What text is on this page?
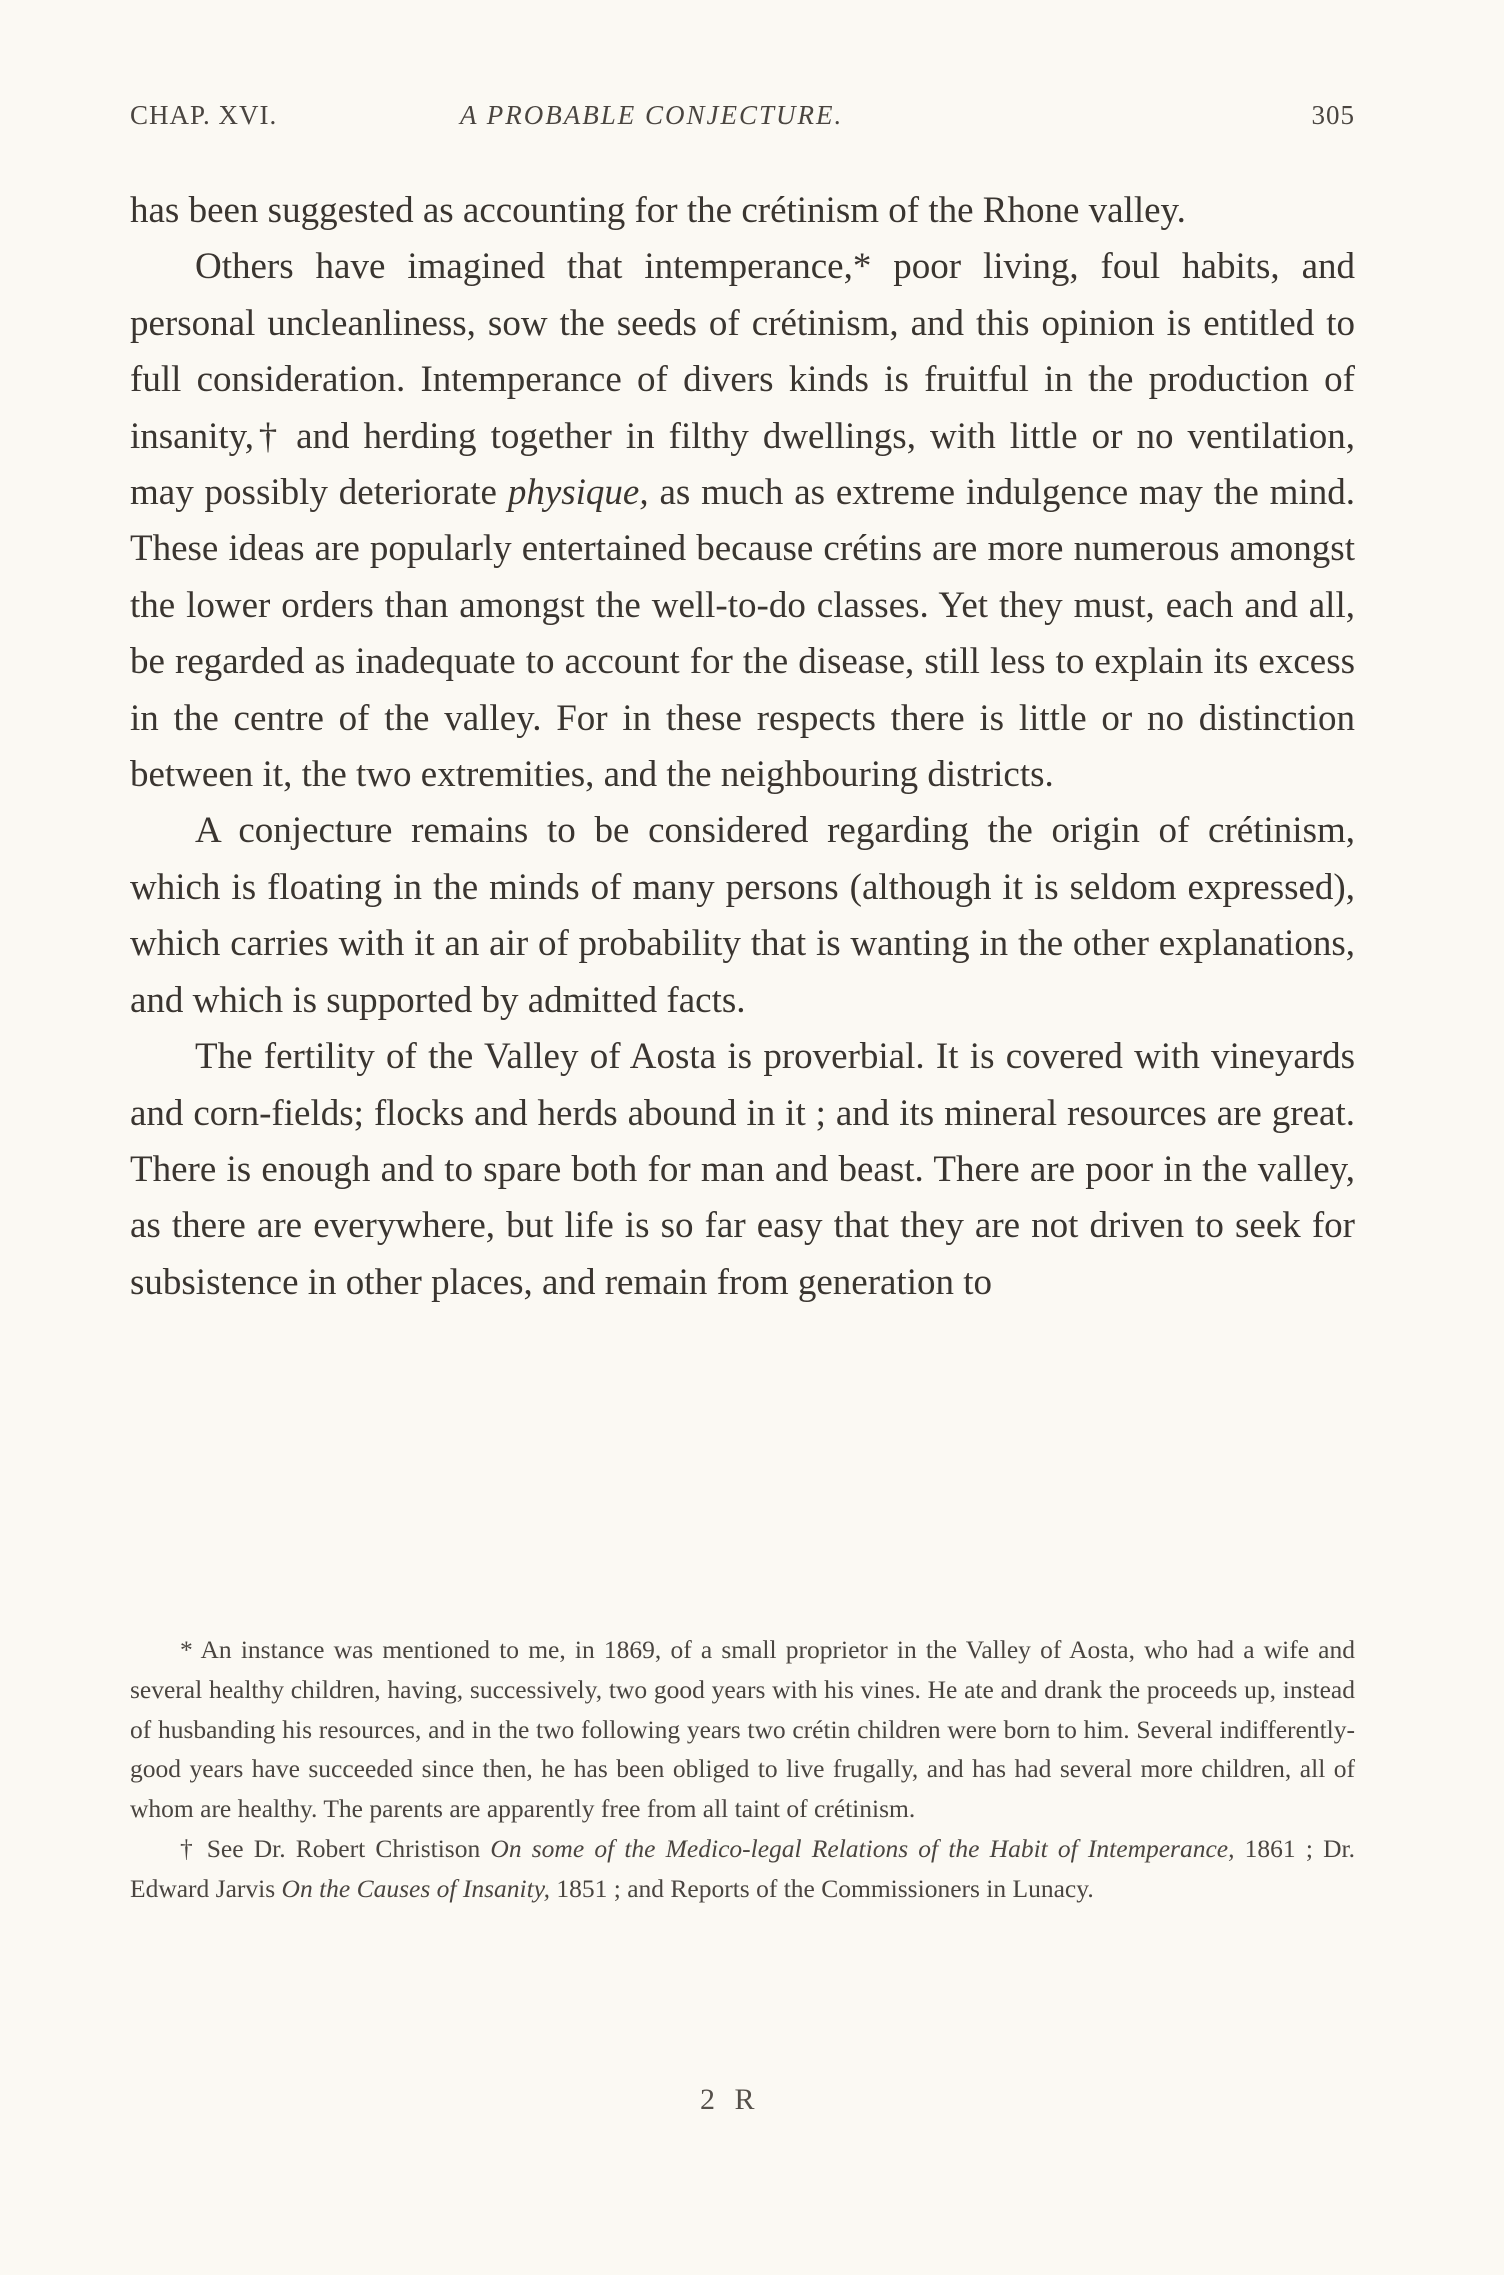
CHAP. XVI.	A PROBABLE CONJECTURE.	305

has been suggested as accounting for the crétinism of the Rhone valley.

Others have imagined that intemperance,* poor living, foul habits, and personal uncleanliness, sow the seeds of crétinism, and this opinion is entitled to full consideration. Intemperance of divers kinds is fruitful in the production of insanity,† and herding together in filthy dwellings, with little or no ventilation, may possibly deteriorate physique, as much as extreme indulgence may the mind. These ideas are popularly entertained because crétins are more numerous amongst the lower orders than amongst the well-to-do classes. Yet they must, each and all, be regarded as inadequate to account for the disease, still less to explain its excess in the centre of the valley. For in these respects there is little or no distinction between it, the two extremities, and the neighbouring districts.

A conjecture remains to be considered regarding the origin of crétinism, which is floating in the minds of many persons (although it is seldom expressed), which carries with it an air of probability that is wanting in the other explanations, and which is supported by admitted facts.

The fertility of the Valley of Aosta is proverbial. It is covered with vineyards and corn-fields; flocks and herds abound in it ; and its mineral resources are great. There is enough and to spare both for man and beast. There are poor in the valley, as there are everywhere, but life is so far easy that they are not driven to seek for subsistence in other places, and remain from generation to

* An instance was mentioned to me, in 1869, of a small proprietor in the Valley of Aosta, who had a wife and several healthy children, having, successively, two good years with his vines. He ate and drank the proceeds up, instead of husbanding his resources, and in the two following years two crétin children were born to him. Several indifferently-good years have succeeded since then, he has been obliged to live frugally, and has had several more children, all of whom are healthy. The parents are apparently free from all taint of crétinism.

† See Dr. Robert Christison On some of the Medico-legal Relations of the Habit of Intemperance, 1861 ; Dr. Edward Jarvis On the Causes of Insanity, 1851 ; and Reports of the Commissioners in Lunacy.

2 R
